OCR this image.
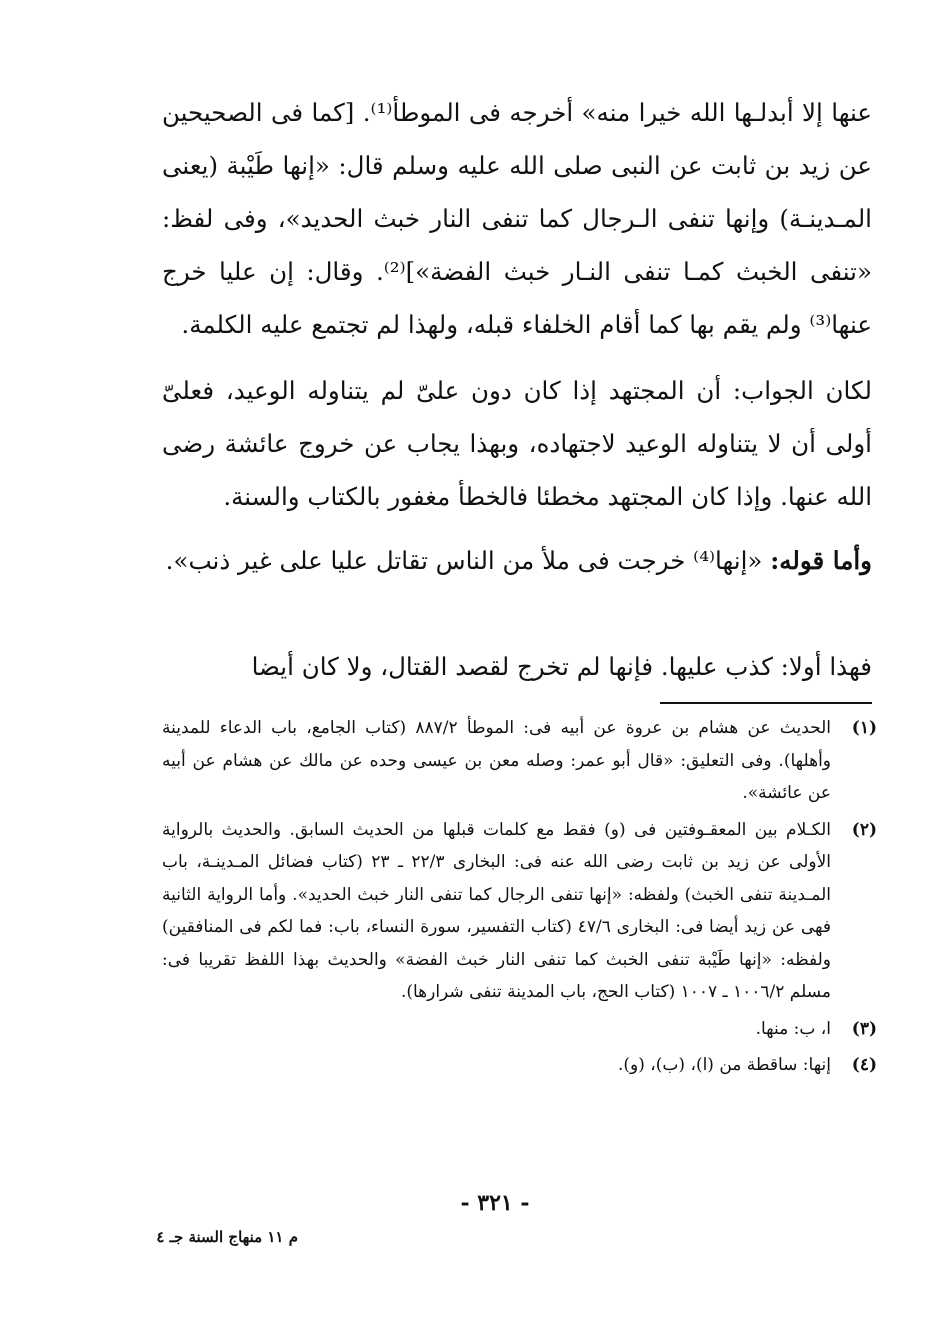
عنها إلا أبدلـها الله خيرا منه» أخرجه فى الموطأ⁽¹⁾. [كما فى الصحيحين عن زيد بن ثابت عن النبى صلى الله عليه وسلم قال: «إنها طَيْبة (يعنى المـدينـة) وإنها تنفى الـرجال كما تنفى النار خبث الحديد»، وفى لفظ: «تنفى الخبث كمـا تنفى النـار خبث الفضة»]⁽²⁾. وقال: إن عليا خرج عنها⁽³⁾ ولم يقم بها كما أقام الخلفاء قبله، ولهذا لم تجتمع عليه الكلمة.
لكان الجواب: أن المجتهد إذا كان دون علىّ لم يتناوله الوعيد، فعلىّ أولى أن لا يتناوله الوعيد لاجتهاده، وبهذا يجاب عن خروج عائشة رضى الله عنها. وإذا كان المجتهد مخطئا فالخطأ مغفور بالكتاب والسنة.
وأما قوله: «إنها⁽⁴⁾ خرجت فى ملأ من الناس تقاتل عليا على غير ذنب».
فهذا أولا: كذب عليها. فإنها لم تخرج لقصد القتال، ولا كان أيضا
(١)
الحديث عن هشام بن عروة عن أبيه فى: الموطأ ٨٨٧/٢ (كتاب الجامع، باب الدعاء للمدينة وأهلها). وفى التعليق: «قال أبو عمر: وصله معن بن عيسى وحده عن مالك عن هشام عن أبيه عن عائشة».
(٢)
الكـلام بين المعقـوفتين فى (و) فقط مع كلمات قبلها من الحديث السابق. والحديث بالرواية الأولى عن زيد بن ثابت رضى الله عنه فى: البخارى ٢٢/٣ ـ ٢٣ (كتاب فضائل المـدينـة، باب المـدينة تنفى الخبث) ولفظه: «إنها تنفى الرجال كما تنفى النار خبث الحديد». وأما الرواية الثانية فهى عن زيد أيضا فى: البخارى ٤٧/٦ (كتاب التفسير، سورة النساء، باب: فما لكم فى المنافقين) ولفظه: «إنها طَيْبة تنفى الخبث كما تنفى النار خبث الفضة» والحديث بهذا اللفظ تقريبا فى: مسلم ١٠٠٦/٢ ـ ١٠٠٧ (كتاب الحج، باب المدينة تنفى شرارها).
(٣)
ا، ب: منها.
(٤)
إنها: ساقطة من (ا)، (ب)، (و).
- ٣٢١ -
م ١١ منهاج السنة جـ ٤
